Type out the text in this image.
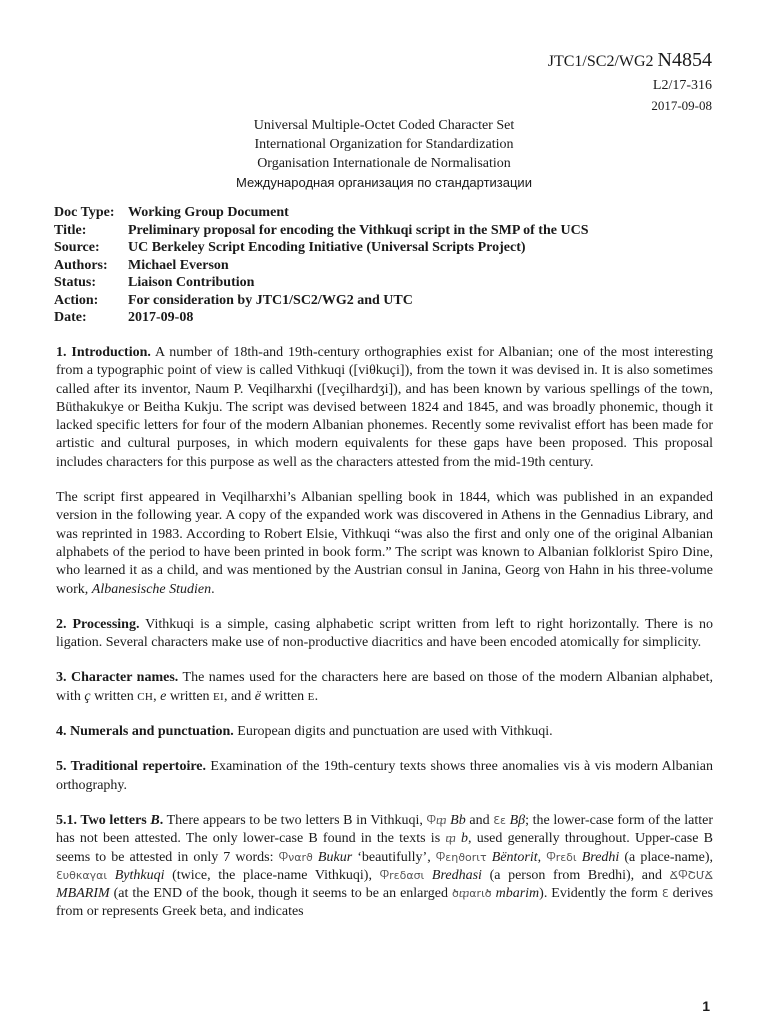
JTC1/SC2/WG2 N4854
L2/17-316
2017-09-08
Universal Multiple-Octet Coded Character Set
International Organization for Standardization
Organisation Internationale de Normalisation
Международная организация по стандартизации
Doc Type:	Working Group Document
Title:	Preliminary proposal for encoding the Vithkuqi script in the SMP of the UCS
Source:	UC Berkeley Script Encoding Initiative (Universal Scripts Project)
Authors:	Michael Everson
Status:	Liaison Contribution
Action:	For consideration by JTC1/SC2/WG2 and UTC
Date:	2017-09-08

1. Introduction. A number of 18th-and 19th-century orthographies exist for Albanian; one of the most interesting from a typographic point of view is called Vithkuqi ([viθkuçi]), from the town it was devised in. It is also sometimes called after its inventor, Naum P. Veqilharxhi ([veçilhardʒi]), and has been known by various spellings of the town, Büthakukye or Beitha Kukju. The script was devised between 1824 and 1845, and was broadly phonemic, though it lacked specific letters for four of the modern Albanian phonemes. Recently some revivalist effort has been made for artistic and cultural purposes, in which modern equivalents for these gaps have been proposed. This proposal includes characters for this purpose as well as the characters attested from the mid-19th century.

The script first appeared in Veqilharxhi’s Albanian spelling book in 1844, which was published in an expanded version in the following year. A copy of the expanded work was discovered in Athens in the Gennadius Library, and was reprinted in 1983. According to Robert Elsie, Vithkuqi “was also the first and only one of the original Albanian alphabets of the period to have been printed in book form.” The script was known to Albanian folklorist Spiro Dine, who learned it as a child, and was mentioned by the Austrian consul in Janina, Georg von Hahn in his three-volume work, Albanesische Studien.

2. Processing. Vithkuqi is a simple, casing alphabetic script written from left to right horizontally. There is no ligation. Several characters make use of non-productive diacritics and have been encoded atomically for simplicity.

3. Character names. The names used for the characters here are based on those of the modern Albanian alphabet, with ç written CH, e written EI, and ë written E.

4. Numerals and punctuation. European digits and punctuation are used with Vithkuqi.

5. Traditional repertoire. Examination of the 19th-century texts shows three anomalies vis à vis modern Albanian orthography.

5.1. Two letters B. There appears to be two letters B in Vithkuqi, Ⴔⴔ Bb and Ɛε Ββ; the lower-case form of the latter has not been attested. The only lower-case B found in the texts is ⴔ b, used generally throughout. Upper-case B seems to be attested in only 7 words: Ⴔναrϑ Bukur ‘beautifully’, Ⴔεηϑοrιτ Bëntorit, Ⴔrεδι Bredhi (a place-name), Ɛυθκαγαι Βythkuqi (twice, the place-name Vithkuqi), Ⴔrεδασι Bredhasi (a person from Bredhi), and ՃႴՇՄՃ MBARIM (at the END of the book, though it seems to be an enlarged ծⴔαrιծ mbarim). Evidently the form Ɛ derives from or represents Greek beta, and indicates

1
